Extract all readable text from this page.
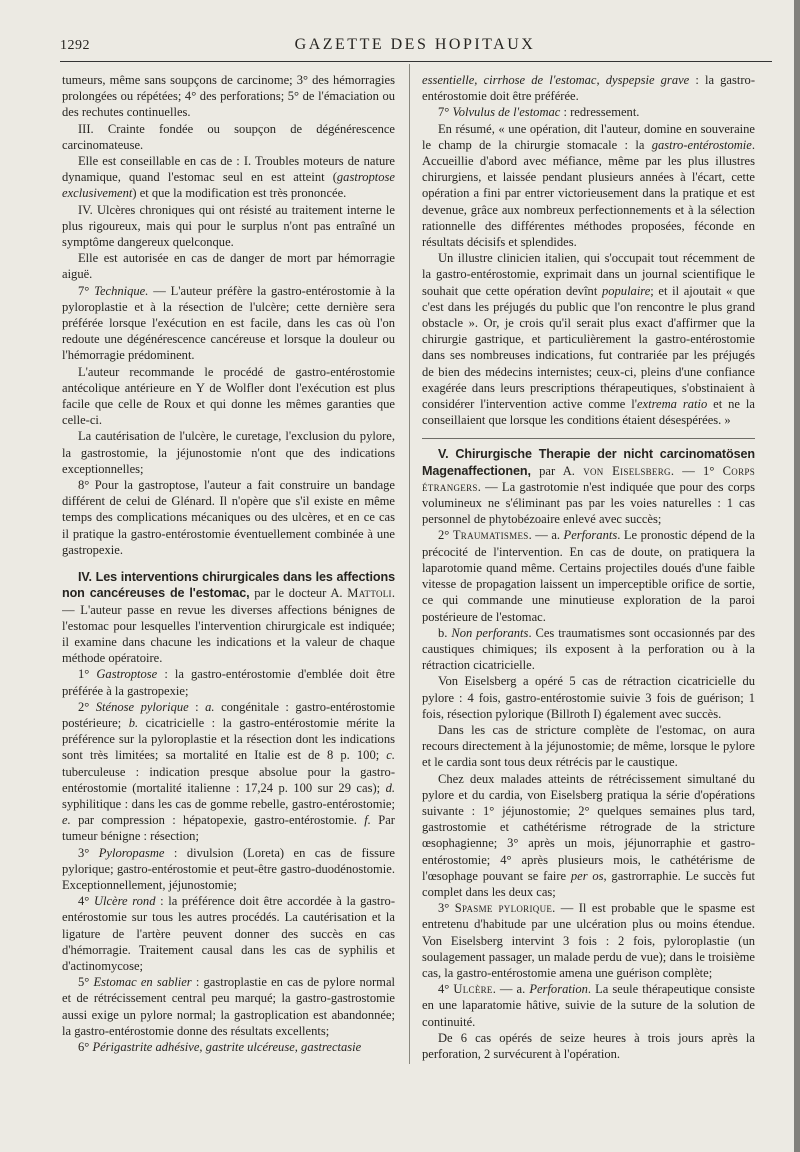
1292	GAZETTE DES HOPITAUX

tumeurs, même sans soupçons de carcinome; 3° des hémorragies prolongées ou répétées; 4° des perforations; 5° de l'émaciation ou des rechutes continuelles.

III. Crainte fondée ou soupçon de dégénérescence carcinomateuse.

Elle est conseillable en cas de : I. Troubles moteurs de nature dynamique, quand l'estomac seul en est atteint (gastroptose exclusivement) et que la modification est très prononcée.

IV. Ulcères chroniques qui ont résisté au traitement interne le plus rigoureux, mais qui pour le surplus n'ont pas entraîné un symptôme dangereux quelconque.

Elle est autorisée en cas de danger de mort par hémorragie aiguë.

7° Technique. — L'auteur préfère la gastro-entérostomie à la pyloroplastie et à la résection de l'ulcère; cette dernière sera préférée lorsque l'exécution en est facile, dans les cas où l'on redoute une dégénérescence cancéreuse et lorsque la douleur ou l'hémorragie prédominent.

L'auteur recommande le procédé de gastro-entérostomie antécolique antérieure en Y de Wolfler dont l'exécution est plus facile que celle de Roux et qui donne les mêmes garanties que celle-ci.

La cautérisation de l'ulcère, le curetage, l'exclusion du pylore, la gastrostomie, la jéjunostomie n'ont que des indications exceptionnelles;

8° Pour la gastroptose, l'auteur a fait construire un bandage différent de celui de Glénard. Il n'opère que s'il existe en même temps des complications mécaniques ou des ulcères, et en ce cas il pratique la gastro-entérostomie éventuellement combinée à une gastropexie.

IV. Les interventions chirurgicales dans les affections non cancéreuses de l'estomac, par le docteur A. Mattoli. — L'auteur passe en revue les diverses affections bénignes de l'estomac pour lesquelles l'intervention chirurgicale est indiquée; il examine dans chacune les indications et la valeur de chaque méthode opératoire.

1° Gastroptose : la gastro-entérostomie d'emblée doit être préférée à la gastropexie;

2° Sténose pylorique : a. congénitale : gastro-entérostomie postérieure; b. cicatricielle : la gastro-entérostomie mérite la préférence sur la pyloroplastie et la résection dont les indications sont très limitées; sa mortalité en Italie est de 8 p. 100; c. tuberculeuse : indication presque absolue pour la gastro-entérostomie (mortalité italienne : 17,24 p. 100 sur 29 cas); d. syphilitique : dans les cas de gomme rebelle, gastro-entérostomie; e. par compression : hépatopexie, gastro-entérostomie. f. Par tumeur bénigne : résection;

3° Pyloropasme : divulsion (Loreta) en cas de fissure pylorique; gastro-entérostomie et peut-être gastro-duodénostomie. Exceptionnellement, jéjunostomie;

4° Ulcère rond : la préférence doit être accordée à la gastro-entérostomie sur tous les autres procédés. La cautérisation et la ligature de l'artère peuvent donner des succès en cas d'hémorragie. Traitement causal dans les cas de syphilis et d'actinomycose;

5° Estomac en sablier : gastroplastie en cas de pylore normal et de rétrécissement central peu marqué; la gastro-gastrostomie aussi exige un pylore normal; la gastroplication est abandonnée; la gastro-entérostomie donne des résultats excellents;

6° Périgastrite adhésive, gastrite ulcéreuse, gastrectasie

essentielle, cirrhose de l'estomac, dyspepsie grave : la gastro-entérostomie doit être préférée.

7° Volvulus de l'estomac : redressement.

En résumé, « une opération, dit l'auteur, domine en souveraine le champ de la chirurgie stomacale : la gastro-entérostomie. Accueillie d'abord avec méfiance, même par les plus illustres chirurgiens, et laissée pendant plusieurs années à l'écart, cette opération a fini par entrer victorieusement dans la pratique et est devenue, grâce aux nombreux perfectionnements et à la sélection rationnelle des différentes méthodes proposées, féconde en résultats décisifs et splendides.

Un illustre clinicien italien, qui s'occupait tout récemment de la gastro-entérostomie, exprimait dans un journal scientifique le souhait que cette opération devînt populaire; et il ajoutait « que c'est dans les préjugés du public que l'on rencontre le plus grand obstacle ». Or, je crois qu'il serait plus exact d'affirmer que la chirurgie gastrique, et particulièrement la gastro-entérostomie dans ses nombreuses indications, fut contrariée par les préjugés de bien des médecins internistes; ceux-ci, pleins d'une confiance exagérée dans leurs prescriptions thérapeutiques, s'obstinaient à considérer l'intervention active comme l'extrema ratio et ne la conseillaient que lorsque les conditions étaient désespérées. »

V. Chirurgische Therapie der nicht carcinomatösen Magenaffectionen, par A. von Eiselsberg. — 1° Corps étrangers. — La gastrotomie n'est indiquée que pour des corps volumineux ne s'éliminant pas par les voies naturelles : 1 cas personnel de phytobézoaire enlevé avec succès;

2° Traumatismes. — a. Perforants. Le pronostic dépend de la précocité de l'intervention. En cas de doute, on pratiquera la laparotomie quand même. Certains projectiles doués d'une faible vitesse de propagation laissent un imperceptible orifice de sortie, ce qui commande une minutieuse exploration de la paroi postérieure de l'estomac.

b. Non perforants. Ces traumatismes sont occasionnés par des caustiques chimiques; ils exposent à la perforation ou à la rétraction cicatricielle.

Von Eiselsberg a opéré 5 cas de rétraction cicatricielle du pylore : 4 fois, gastro-entérostomie suivie 3 fois de guérison; 1 fois, résection pylorique (Billroth I) également avec succès.

Dans les cas de stricture complète de l'estomac, on aura recours directement à la jéjunostomie; de même, lorsque le pylore et le cardia sont tous deux rétrécis par le caustique.

Chez deux malades atteints de rétrécissement simultané du pylore et du cardia, von Eiselsberg pratiqua la série d'opérations suivante : 1° jéjunostomie; 2° quelques semaines plus tard, gastrostomie et cathétérisme rétrograde de la stricture œsophagienne; 3° après un mois, jéjunorraphie et gastro-entérostomie; 4° après plusieurs mois, le cathétérisme de l'œsophage pouvant se faire per os, gastrorraphie. Le succès fut complet dans les deux cas;

3° Spasme pylorique. — Il est probable que le spasme est entretenu d'habitude par une ulcération plus ou moins étendue. Von Eiselsberg intervint 3 fois : 2 fois, pyloroplastie (un soulagement passager, un malade perdu de vue); dans le troisième cas, la gastro-entérostomie amena une guérison complète;

4° Ulcère. — a. Perforation. La seule thérapeutique consiste en une laparatomie hâtive, suivie de la suture de la solution de continuité.

De 6 cas opérés de seize heures à trois jours après la perforation, 2 survécurent à l'opération.
